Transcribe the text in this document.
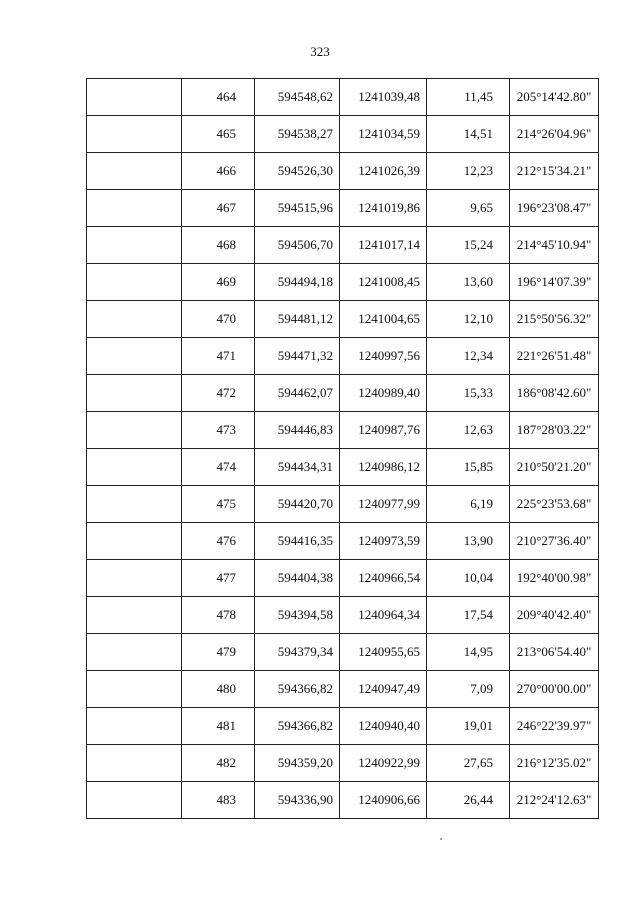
323
	464	594548,62	1241039,48	11,45	205°14'42.80"
	465	594538,27	1241034,59	14,51	214°26'04.96"
	466	594526,30	1241026,39	12,23	212°15'34.21"
	467	594515,96	1241019,86	9,65	196°23'08.47"
	468	594506,70	1241017,14	15,24	214°45'10.94"
	469	594494,18	1241008,45	13,60	196°14'07.39"
	470	594481,12	1241004,65	12,10	215°50'56.32"
	471	594471,32	1240997,56	12,34	221°26'51.48"
	472	594462,07	1240989,40	15,33	186°08'42.60"
	473	594446,83	1240987,76	12,63	187°28'03.22"
	474	594434,31	1240986,12	15,85	210°50'21.20"
	475	594420,70	1240977,99	6,19	225°23'53.68"
	476	594416,35	1240973,59	13,90	210°27'36.40"
	477	594404,38	1240966,54	10,04	192°40'00.98"
	478	594394,58	1240964,34	17,54	209°40'42.40"
	479	594379,34	1240955,65	14,95	213°06'54.40"
	480	594366,82	1240947,49	7,09	270°00'00.00"
	481	594366,82	1240940,40	19,01	246°22'39.97"
	482	594359,20	1240922,99	27,65	216°12'35.02"
	483	594336,90	1240906,66	26,44	212°24'12.63"
